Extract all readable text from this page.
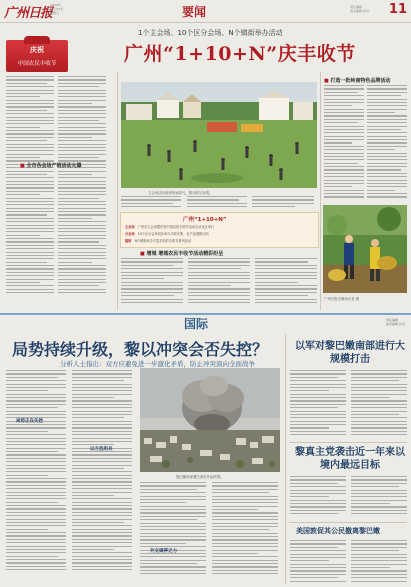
广州日报
2024年
11月15日
星期五	要闻	责任编辑
美术编辑 校对 11
1个主会场、10个区分会场、N个镇街举办活动
广州“1+10+N”庆丰收节
庆祝
中国农民丰收节
■ 全市各会场产销活动火爆
主会场活动现场热闹非凡，观众驻足参观。
广州“1+10+N”
主会场　 广州市主会场暨庆祝中国农民丰收节活动在从化区举行
分会场　 10个区分会场同步举办丰收庆典、农产品展销活动
镇街　 N个镇街举办丰富多彩的丰收节系列活动
■ 增城 增城农民丰收节活动精彩纷呈
■ 打造一批岭南特色品牌活动
广州日报全媒体记者 摄
国际	责任编辑
美术编辑 校对
局势持续升级，黎以冲突会否失控？
分析人士指出：双方应避免进一步激化矛盾，防止冲突演向全面战争
局势正在失控
以方恐用兵
黎巴嫩南部遭空袭后升起浓烟。
外交调停乏力
以军对黎巴嫩南部进行大规模打击
黎真主党袭击近一年来以境内最远目标
美国敦促其公民撤离黎巴嫩
